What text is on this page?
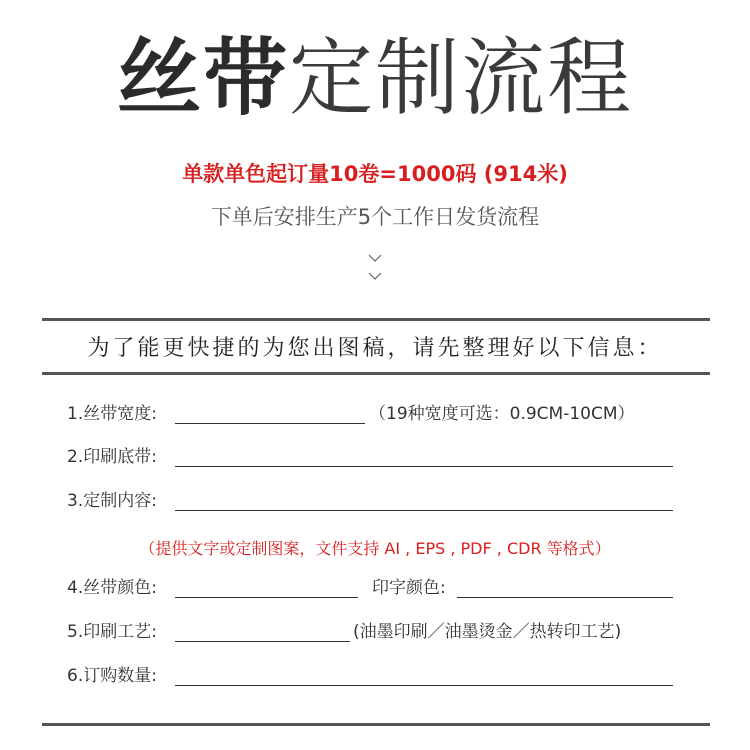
丝带定制流程
单款单色起订量10卷=1000码 (914米)
下单后安排生产5个工作日发货流程
为了能更快捷的为您出图稿，请先整理好以下信息：
1.丝带宽度:	（19种宽度可选：0.9CM-10CM）
2.印刷底带:
3.定制内容:
（提供文字或定制图案，文件支持 AI , EPS , PDF , CDR 等格式）
4.丝带颜色:	印字颜色:
5.印刷工艺:	(油墨印刷／油墨烫金／热转印工艺)
6.订购数量:
